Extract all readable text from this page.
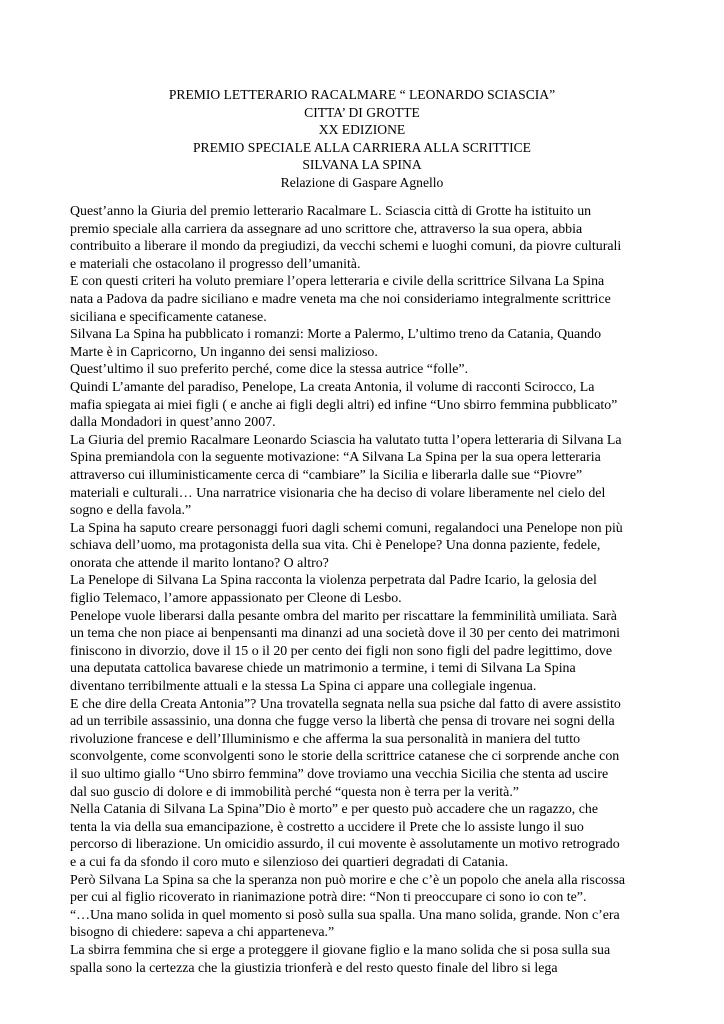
PREMIO LETTERARIO RACALMARE “ LEONARDO SCIASCIA”
CITTA’ DI GROTTE
XX EDIZIONE
PREMIO SPECIALE ALLA CARRIERA ALLA SCRITTICE
SILVANA LA SPINA
Relazione di Gaspare Agnello
Quest’anno la Giuria del premio letterario Racalmare L. Sciascia città di Grotte ha istituito un
premio speciale alla carriera da assegnare ad uno scrittore che, attraverso la sua opera, abbia
contribuito a liberare il mondo da pregiudizi, da vecchi schemi e luoghi comuni, da piovre culturali
e materiali che ostacolano il progresso dell’umanità.
E con questi criteri ha voluto premiare l’opera letteraria e civile della scrittrice Silvana La Spina
nata a Padova da padre siciliano e madre veneta ma che noi consideriamo integralmente scrittrice
siciliana e specificamente catanese.
Silvana La Spina ha pubblicato i romanzi: Morte a Palermo, L’ultimo treno da Catania, Quando
Marte è in Capricorno, Un inganno dei sensi malizioso.
Quest’ultimo il suo preferito perché, come dice la stessa autrice “folle”.
Quindi L’amante del paradiso, Penelope, La creata Antonia, il volume di racconti Scirocco, La
mafia spiegata ai miei figli ( e anche ai figli degli altri) ed infine “Uno sbirro femmina pubblicato”
dalla Mondadori in quest’anno 2007.
La Giuria del premio Racalmare Leonardo Sciascia ha valutato tutta l’opera letteraria di Silvana La
Spina premiandola con la seguente motivazione: “A Silvana La Spina per la sua opera letteraria
attraverso cui illuministicamente cerca di “cambiare” la Sicilia e liberarla dalle sue “Piovre”
materiali e culturali… Una narratrice visionaria che ha deciso di volare liberamente nel cielo del
sogno e della favola.”
La Spina ha saputo creare personaggi fuori dagli schemi comuni, regalandoci una Penelope non più
schiava dell’uomo, ma protagonista della sua vita. Chi è Penelope? Una donna paziente, fedele,
onorata che attende il marito lontano? O altro?
La Penelope di Silvana La Spina racconta la violenza perpetrata dal Padre Icario, la gelosia del
figlio Telemaco, l’amore appassionato per Cleone di Lesbo.
Penelope vuole liberarsi dalla pesante ombra del marito per riscattare la femminilità umiliata. Sarà
un tema che non piace ai benpensanti ma dinanzi ad una società dove il 30 per cento dei matrimoni
finiscono in divorzio, dove il 15 o il 20 per cento dei figli non sono figli del padre legittimo, dove
una deputata cattolica bavarese chiede un matrimonio a termine, i temi di Silvana La Spina
diventano terribilmente attuali e la stessa La Spina ci appare una collegiale ingenua.
E che dire della Creata Antonia”? Una trovatella segnata nella sua psiche dal fatto di avere assistito
ad un terribile assassinio, una donna che fugge verso la libertà che pensa di trovare nei sogni della
rivoluzione francese e dell’Illuminismo e che afferma la sua personalità in maniera del tutto
sconvolgente, come sconvolgenti sono le storie della scrittrice catanese che ci sorprende anche con
il suo ultimo giallo “Uno sbirro femmina” dove troviamo una vecchia Sicilia che stenta ad uscire
dal suo guscio di dolore e di immobilità perché “questa non è terra per la verità.”
Nella Catania di Silvana La Spina”Dio è morto” e per questo può accadere che un ragazzo, che
tenta la via della sua emancipazione, è costretto a uccidere il Prete che lo assiste lungo il suo
percorso di liberazione. Un omicidio assurdo, il cui movente è assolutamente un motivo retrogrado
e a cui fa da sfondo il coro muto e silenzioso dei quartieri degradati di Catania.
Però Silvana La Spina sa che la speranza non può morire e che c’è un popolo che anela alla riscossa
per cui al figlio ricoverato in rianimazione potrà dire: “Non ti preoccupare ci sono io con te”.
“…Una mano solida in quel momento si posò sulla sua spalla. Una mano solida, grande. Non c’era
bisogno di chiedere: sapeva a chi apparteneva.”
La sbirra femmina che si erge a proteggere il giovane figlio e la mano solida che si posa sulla sua
spalla sono la certezza che la giustizia trionferà e del resto questo finale del libro si lega
